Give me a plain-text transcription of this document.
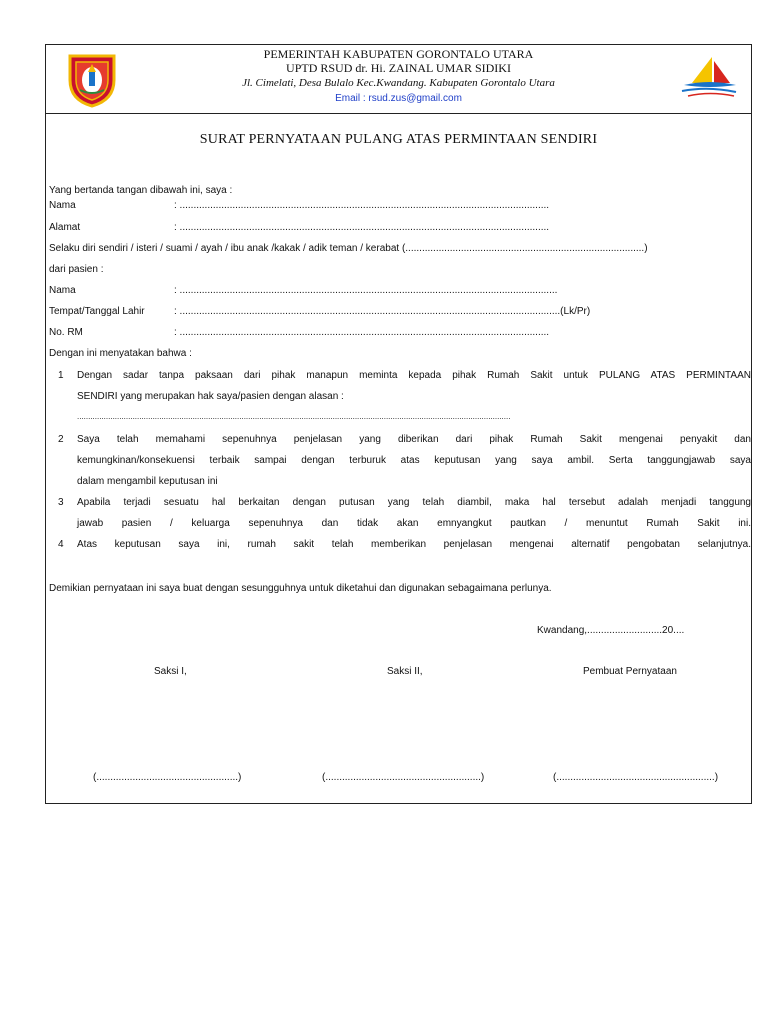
PEMERINTAH KABUPATEN GORONTALO UTARA
UPTD RSUD dr. Hi. ZAINAL UMAR SIDIKI
Jl. Cimelati, Desa Bulalo Kec.Kwandang. Kabupaten Gorontalo Utara
Email : rsud.zus@gmail.com
SURAT PERNYATAAN PULANG ATAS PERMINTAAN SENDIRI
Yang bertanda tangan dibawah ini, saya :
Nama	: .....................................................................................................................................
Alamat	: .....................................................................................................................................
Selaku diri sendiri / isteri / suami / ayah / ibu anak /kakak / adik teman / kerabat (......................................................................................)
dari pasien :
Nama	: ........................................................................................................................................
Tempat/Tanggal Lahir	: .........................................................................................................................................(Lk/Pr)
No. RM	: .....................................................................................................................................
Dengan ini menyatakan bahwa :
1 Dengan sadar tanpa paksaan dari pihak manapun meminta kepada pihak Rumah Sakit untuk PULANG ATAS PERMINTAAN
SENDIRI yang merupakan hak saya/pasien dengan alasan :
...................................................................................................................................................................................................
2 Saya telah memahami sepenuhnya penjelasan yang diberikan dari pihak Rumah Sakit mengenai penyakit dan
kemungkinan/konsekuensi terbaik sampai dengan terburuk atas keputusan yang saya ambil. Serta tanggungjawab saya
dalam mengambil keputusan ini
3 Apabila terjadi sesuatu hal berkaitan dengan putusan yang telah diambil, maka hal tersebut adalah menjadi tanggung
jawab pasien / keluarga sepenuhnya dan tidak akan emnyangkut pautkan / menuntut Rumah Sakit ini.
4 Atas keputusan saya ini, rumah sakit telah memberikan penjelasan mengenai alternatif pengobatan selanjutnya.
Demikian pernyataan ini saya buat dengan sesungguhnya untuk diketahui dan digunakan sebagaimana perlunya.
Kwandang,...........................20....
Saksi I,	Saksi II,	Pembuat Pernyataan
(...................................................)	(........................................................)	(.........................................................)
